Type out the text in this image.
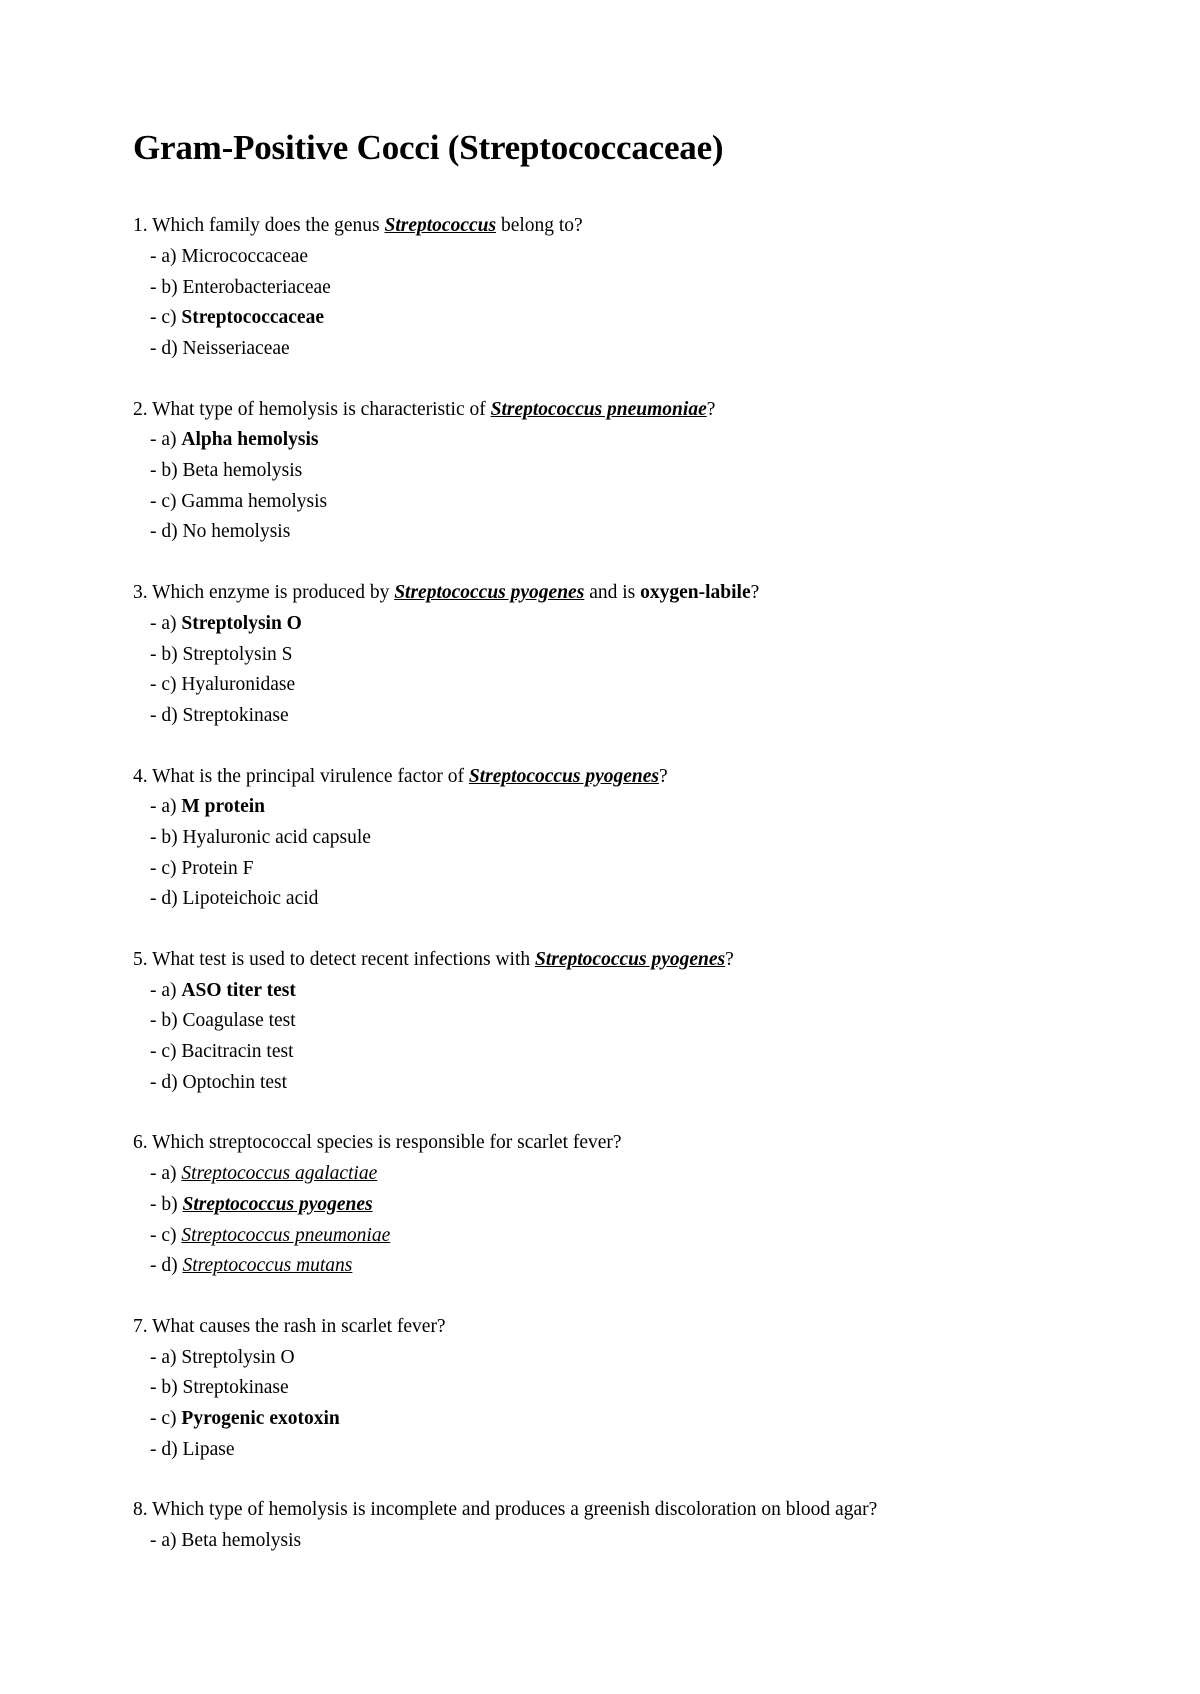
Gram-Positive Cocci (Streptococcaceae)

1. Which family does the genus Streptococcus belong to?

- a) Micrococcaceae
- b) Enterobacteriaceae
- c) Streptococcaceae
- d) Neisseriaceae

2. What type of hemolysis is characteristic of Streptococcus pneumoniae?

- a) Alpha hemolysis
- b) Beta hemolysis
- c) Gamma hemolysis
- d) No hemolysis

3. Which enzyme is produced by Streptococcus pyogenes and is oxygen-labile?

- a) Streptolysin O
- b) Streptolysin S
- c) Hyaluronidase
- d) Streptokinase

4. What is the principal virulence factor of Streptococcus pyogenes?

- a) M protein
- b) Hyaluronic acid capsule
- c) Protein F
- d) Lipoteichoic acid

5. What test is used to detect recent infections with Streptococcus pyogenes?

- a) ASO titer test
- b) Coagulase test
- c) Bacitracin test
- d) Optochin test

6. Which streptococcal species is responsible for scarlet fever?

- a) Streptococcus agalactiae
- b) Streptococcus pyogenes
- c) Streptococcus pneumoniae
- d) Streptococcus mutans

7. What causes the rash in scarlet fever?

- a) Streptolysin O
- b) Streptokinase
- c) Pyrogenic exotoxin
- d) Lipase

8. Which type of hemolysis is incomplete and produces a greenish discoloration on blood agar?

- a) Beta hemolysis
